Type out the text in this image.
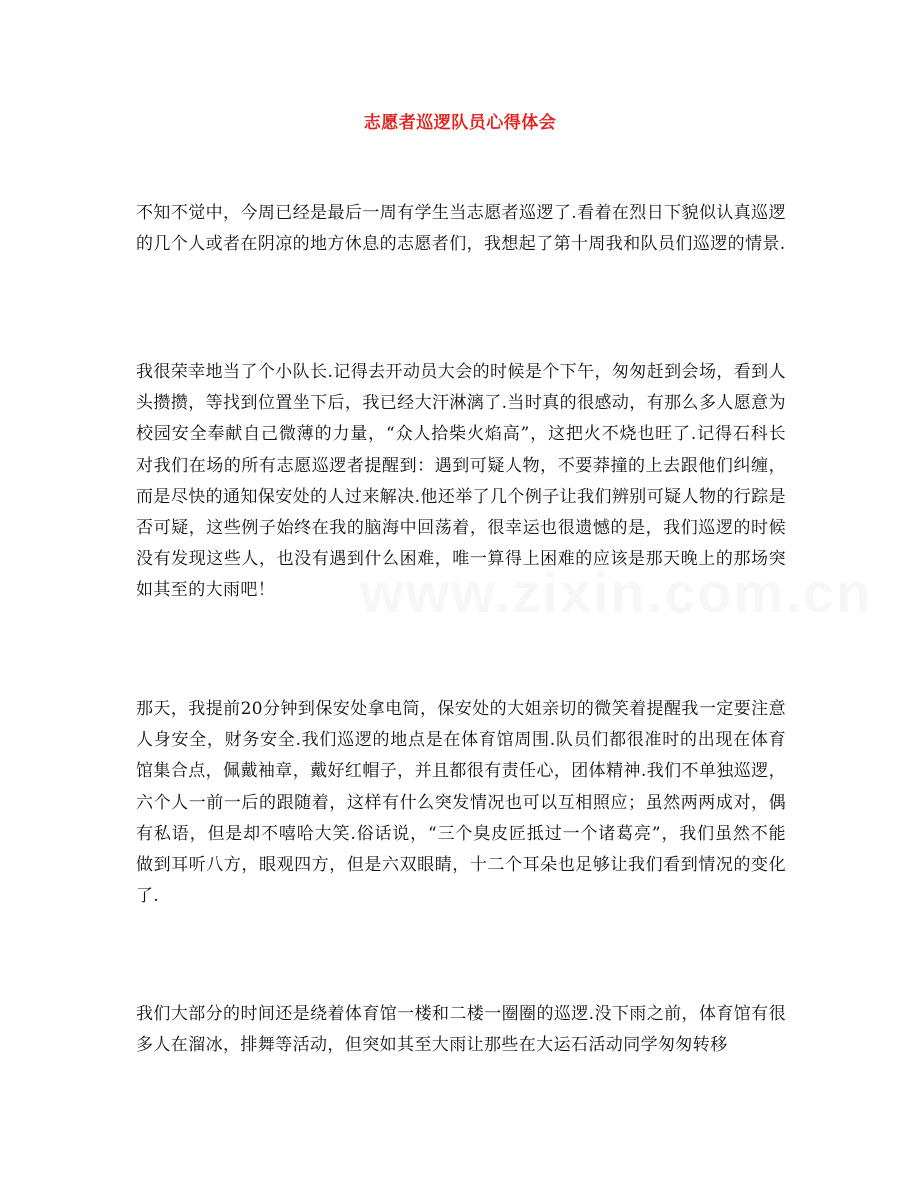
www.zixin.com.cn
志愿者巡逻队员心得体会

不知不觉中，今周已经是最后一周有学生当志愿者巡逻了.看着在烈日下貌似认真巡逻的几个人或者在阴凉的地方休息的志愿者们，我想起了第十周我和队员们巡逻的情景.

我很荣幸地当了个小队长.记得去开动员大会的时候是个下午，匆匆赶到会场，看到人头攒攒，等找到位置坐下后，我已经大汗淋漓了.当时真的很感动，有那么多人愿意为校园安全奉献自己微薄的力量，“众人拾柴火焰高”，这把火不烧也旺了.记得石科长对我们在场的所有志愿巡逻者提醒到：遇到可疑人物，不要莽撞的上去跟他们纠缠，而是尽快的通知保安处的人过来解决.他还举了几个例子让我们辨别可疑人物的行踪是否可疑，这些例子始终在我的脑海中回荡着，很幸运也很遗憾的是，我们巡逻的时候没有发现这些人，也没有遇到什么困难，唯一算得上困难的应该是那天晚上的那场突如其至的大雨吧！

那天，我提前20分钟到保安处拿电筒，保安处的大姐亲切的微笑着提醒我一定要注意人身安全，财务安全.我们巡逻的地点是在体育馆周围.队员们都很准时的出现在体育馆集合点，佩戴袖章，戴好红帽子，并且都很有责任心，团体精神.我们不单独巡逻，六个人一前一后的跟随着，这样有什么突发情况也可以互相照应；虽然两两成对，偶有私语，但是却不嘻哈大笑.俗话说，“三个臭皮匠抵过一个诸葛亮”，我们虽然不能做到耳听八方，眼观四方，但是六双眼睛，十二个耳朵也足够让我们看到情况的变化了.

我们大部分的时间还是绕着体育馆一楼和二楼一圈圈的巡逻.没下雨之前，体育馆有很多人在溜冰，排舞等活动，但突如其至大雨让那些在大运石活动同学匆匆转移
